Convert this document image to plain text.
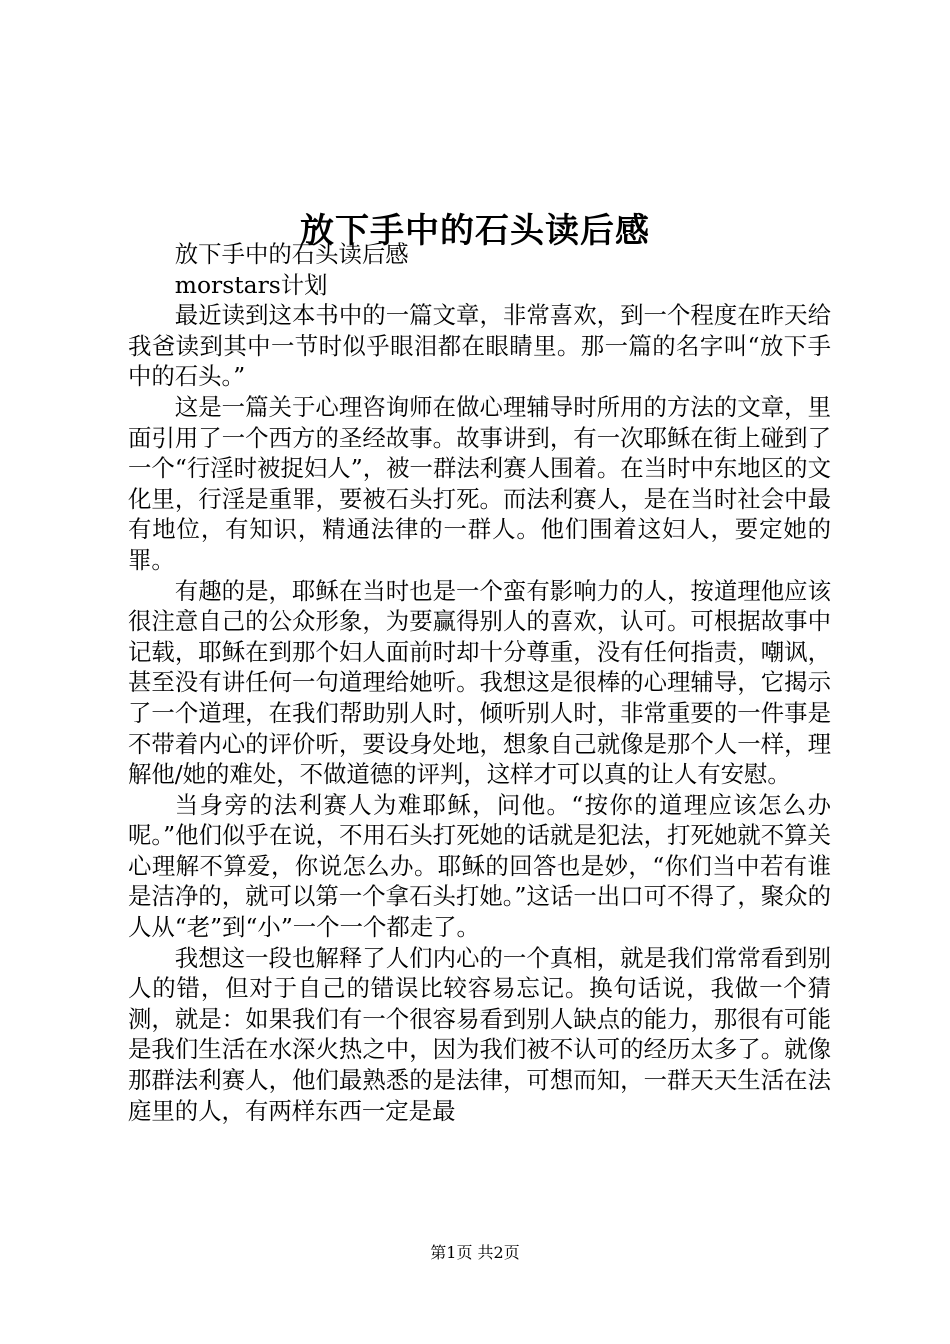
放下手中的石头读后感

放下手中的石头读后感

morstars计划

最近读到这本书中的一篇文章，非常喜欢，到一个程度在昨天给我爸读到其中一节时似乎眼泪都在眼睛里。那一篇的名字叫“放下手中的石头。”

这是一篇关于心理咨询师在做心理辅导时所用的方法的文章，里面引用了一个西方的圣经故事。故事讲到，有一次耶稣在街上碰到了一个“行淫时被捉妇人”，被一群法利赛人围着。在当时中东地区的文化里，行淫是重罪，要被石头打死。而法利赛人，是在当时社会中最有地位，有知识，精通法律的一群人。他们围着这妇人，要定她的罪。

有趣的是，耶稣在当时也是一个蛮有影响力的人，按道理他应该很注意自己的公众形象，为要赢得别人的喜欢，认可。可根据故事中记载，耶稣在到那个妇人面前时却十分尊重，没有任何指责，嘲讽，甚至没有讲任何一句道理给她听。我想这是很棒的心理辅导，它揭示了一个道理，在我们帮助别人时，倾听别人时，非常重要的一件事是不带着内心的评价听，要设身处地，想象自己就像是那个人一样，理解他/她的难处，不做道德的评判，这样才可以真的让人有安慰。

当身旁的法利赛人为难耶稣，问他。“按你的道理应该怎么办呢。”他们似乎在说，不用石头打死她的话就是犯法，打死她就不算关心理解不算爱，你说怎么办。耶稣的回答也是妙，“你们当中若有谁是洁净的，就可以第一个拿石头打她。”这话一出口可不得了，聚众的人从“老”到“小”一个一个都走了。

我想这一段也解释了人们内心的一个真相，就是我们常常看到别人的错，但对于自己的错误比较容易忘记。换句话说，我做一个猜测，就是：如果我们有一个很容易看到别人缺点的能力，那很有可能是我们生活在水深火热之中，因为我们被不认可的经历太多了。就像那群法利赛人，他们最熟悉的是法律，可想而知，一群天天生活在法庭里的人，有两样东西一定是最

第1页 共2页
